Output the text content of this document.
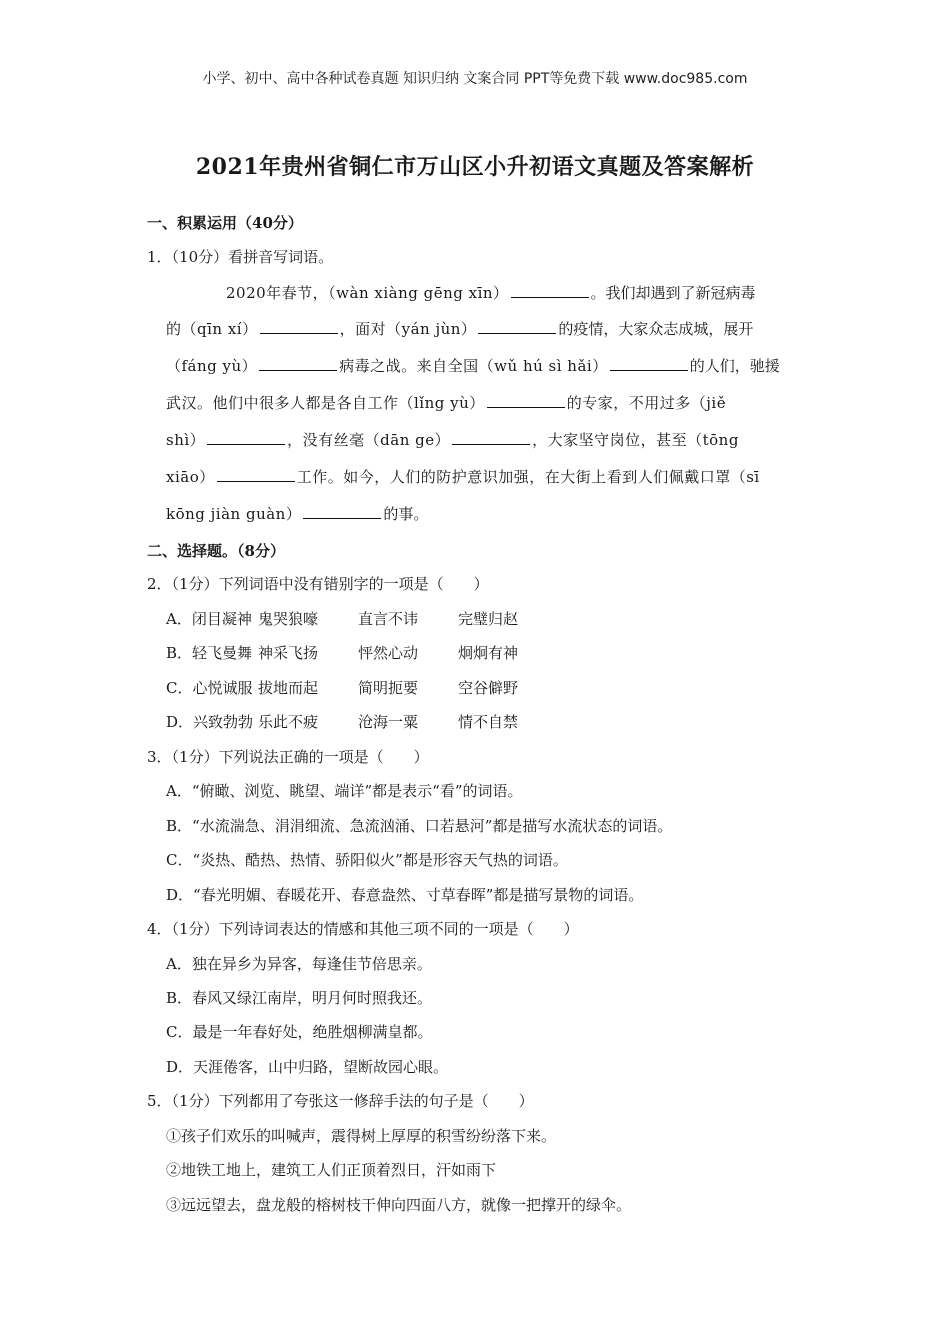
小学、初中、高中各种试卷真题 知识归纳 文案合同 PPT等免费下载 www.doc985.com
2021年贵州省铜仁市万山区小升初语文真题及答案解析
一、积累运用（40分）
1．（10分）看拼音写词语。
2020年春节，（wàn xiàng gēng xīn）	。我们却遇到了新冠病毒
的（qīn xí）	，面对（yán jùn）	的疫情，大家众志成城，展开
（fáng yù）	病毒之战。来自全国（wǔ hú sì hǎi）	的人们，驰援
武汉。他们中很多人都是各自工作（lǐng yù）	的专家，不用过多（jiě
shì）	，没有丝毫（dān ge）	，大家坚守岗位，甚至（tōng
xiāo）	工作。如今，人们的防护意识加强，在大街上看到人们佩戴口罩（sī
kōng jiàn guàn）	的事。
二、选择题。（8分）
2．（1分）下列词语中没有错别字的一项是（　　）
A．闭目凝神 鬼哭狼嚎	直言不讳	完璧归赵
B．轻飞曼舞 神采飞扬	怦然心动	炯炯有神
C．心悦诚服 拔地而起	简明扼要	空谷僻野
D．兴致勃勃 乐此不疲	沧海一粟	情不自禁
3．（1分）下列说法正确的一项是（　　）
A．“俯瞰、浏览、眺望、端详”都是表示“看”的词语。
B．“水流湍急、涓涓细流、急流汹涌、口若悬河”都是描写水流状态的词语。
C．“炎热、酷热、热情、骄阳似火”都是形容天气热的词语。
D．“春光明媚、春暖花开、春意盎然、寸草春晖”都是描写景物的词语。
4．（1分）下列诗词表达的情感和其他三项不同的一项是（　　）
A．独在异乡为异客，每逢佳节倍思亲。
B．春风又绿江南岸，明月何时照我还。
C．最是一年春好处，绝胜烟柳满皇都。
D．天涯倦客，山中归路，望断故园心眼。
5．（1分）下列都用了夸张这一修辞手法的句子是（　　）
①孩子们欢乐的叫喊声，震得树上厚厚的积雪纷纷落下来。
②地铁工地上，建筑工人们正顶着烈日，汗如雨下
③远远望去，盘龙般的榕树枝干伸向四面八方，就像一把撑开的绿伞。
